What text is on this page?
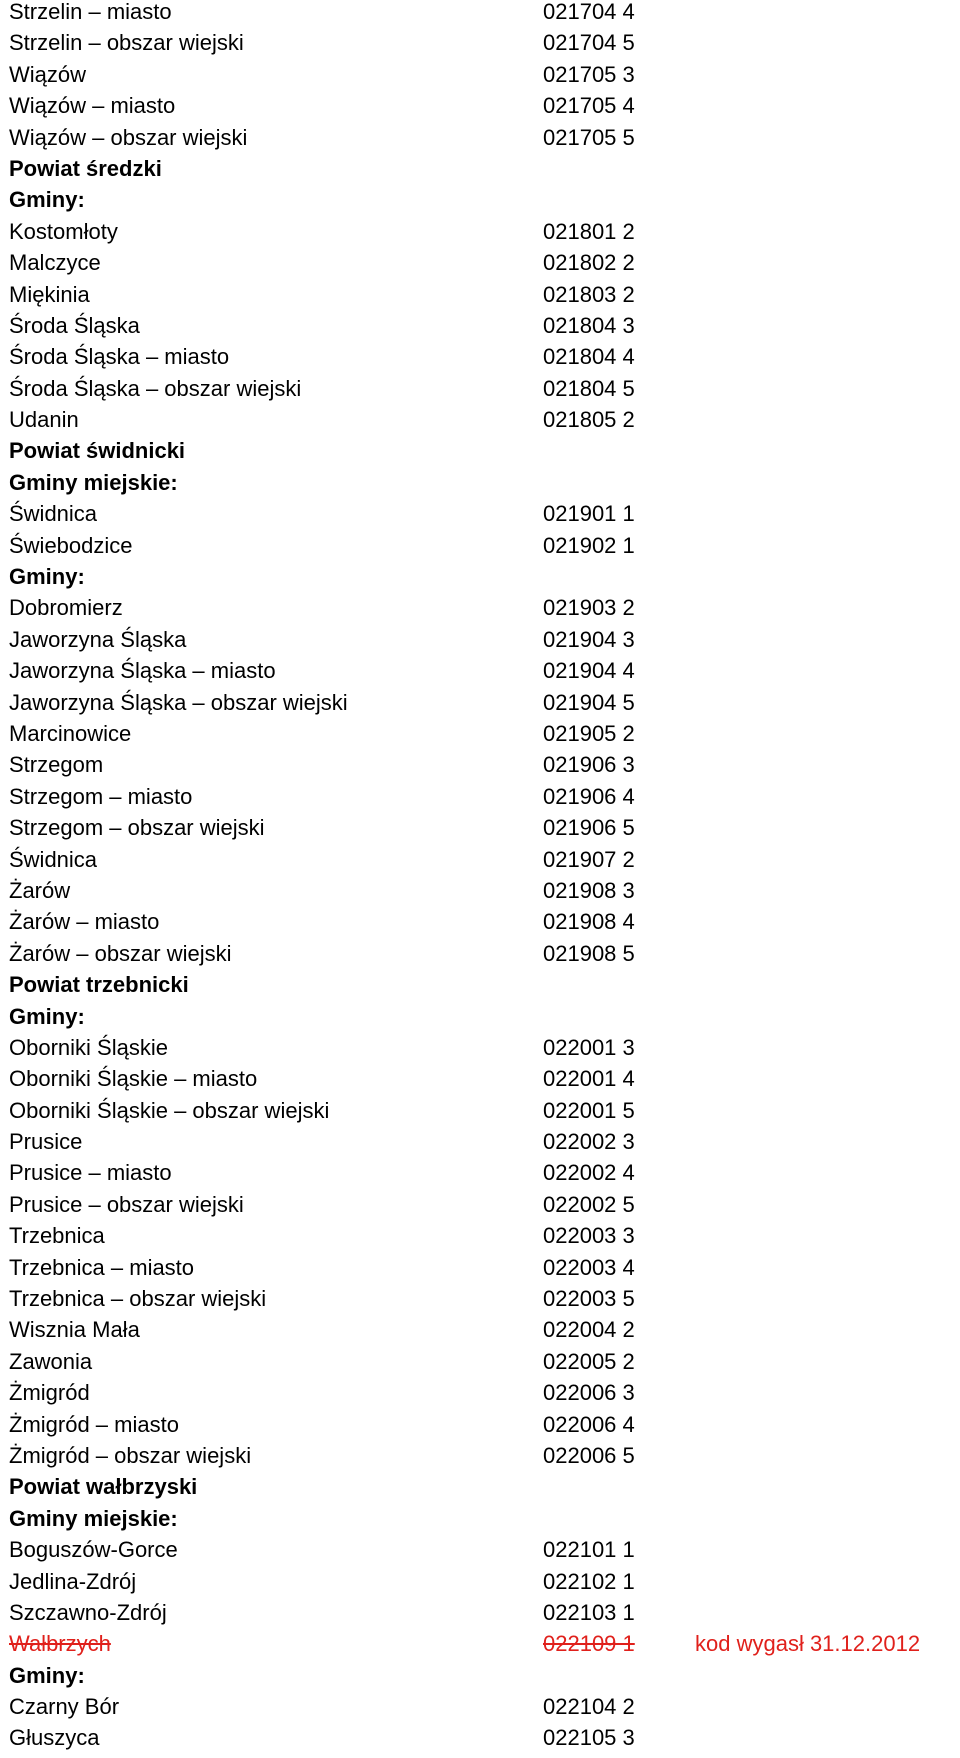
Strzelin – miasto	021704 4
Strzelin – obszar wiejski	021704 5
Wiązów	021705 3
Wiązów – miasto	021705 4
Wiązów – obszar wiejski	021705 5
Powiat średzki
Gminy:
Kostomłoty	021801 2
Malczyce	021802 2
Miękinia	021803 2
Środa Śląska	021804 3
Środa Śląska – miasto	021804 4
Środa Śląska – obszar wiejski	021804 5
Udanin	021805 2
Powiat świdnicki
Gminy miejskie:
Świdnica	021901 1
Świebodzice	021902 1
Gminy:
Dobromierz	021903 2
Jaworzyna Śląska	021904 3
Jaworzyna Śląska – miasto	021904 4
Jaworzyna Śląska – obszar wiejski	021904 5
Marcinowice	021905 2
Strzegom	021906 3
Strzegom – miasto	021906 4
Strzegom – obszar wiejski	021906 5
Świdnica	021907 2
Żarów	021908 3
Żarów – miasto	021908 4
Żarów – obszar wiejski	021908 5
Powiat trzebnicki
Gminy:
Oborniki Śląskie	022001 3
Oborniki Śląskie – miasto	022001 4
Oborniki Śląskie – obszar wiejski	022001 5
Prusice	022002 3
Prusice – miasto	022002 4
Prusice – obszar wiejski	022002 5
Trzebnica	022003 3
Trzebnica – miasto	022003 4
Trzebnica – obszar wiejski	022003 5
Wisznia Mała	022004 2
Zawonia	022005 2
Żmigród	022006 3
Żmigród – miasto	022006 4
Żmigród – obszar wiejski	022006 5
Powiat wałbrzyski
Gminy miejskie:
Boguszów-Gorce	022101 1
Jedlina-Zdrój	022102 1
Szczawno-Zdrój	022103 1
Wałbrzych	022109 1	kod wygasł 31.12.2012
Gminy:
Czarny Bór	022104 2
Głuszyca	022105 3
